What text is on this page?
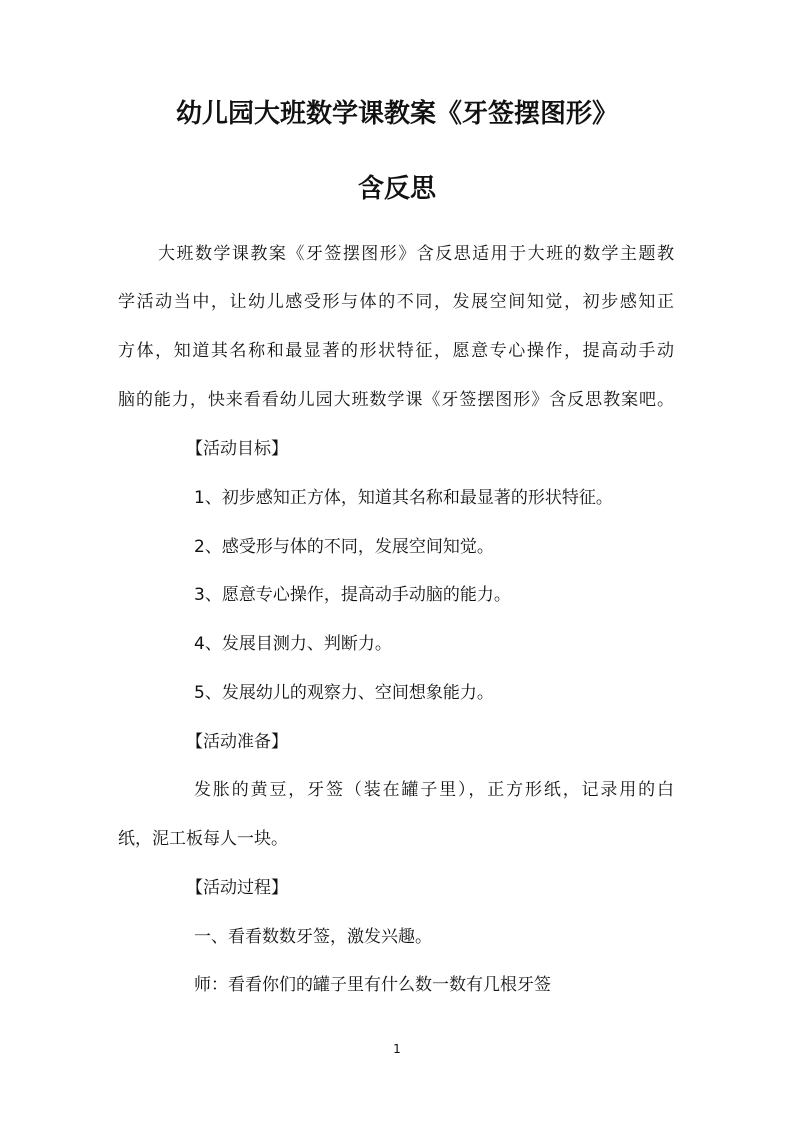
幼儿园大班数学课教案《牙签摆图形》
含反思
大班数学课教案《牙签摆图形》含反思适用于大班的数学主题教
学活动当中，让幼儿感受形与体的不同，发展空间知觉，初步感知正
方体，知道其名称和最显著的形状特征，愿意专心操作，提高动手动
脑的能力，快来看看幼儿园大班数学课《牙签摆图形》含反思教案吧。
【活动目标】
1、初步感知正方体，知道其名称和最显著的形状特征。
2、感受形与体的不同，发展空间知觉。
3、愿意专心操作，提高动手动脑的能力。
4、发展目测力、判断力。
5、发展幼儿的观察力、空间想象能力。
【活动准备】
发胀的黄豆，牙签（装在罐子里），正方形纸，记录用的白
纸，泥工板每人一块。
【活动过程】
一、看看数数牙签，激发兴趣。
师：看看你们的罐子里有什么数一数有几根牙签
1
